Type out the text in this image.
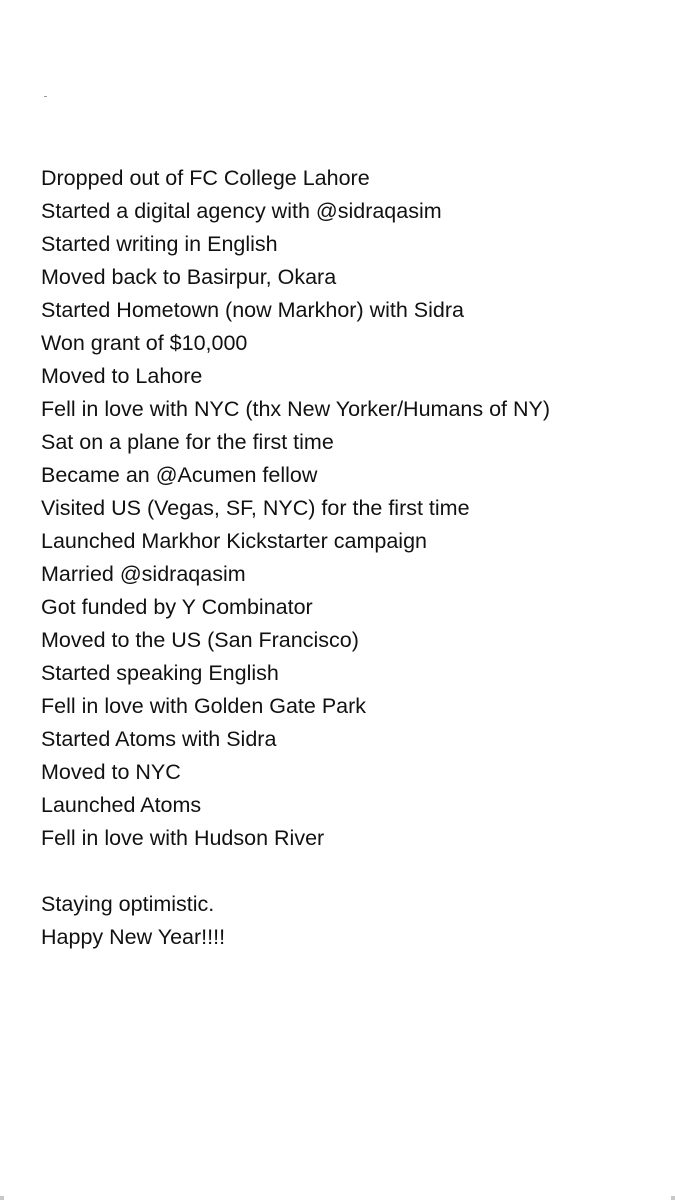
Dropped out of FC College Lahore
Started a digital agency with @sidraqasim
Started writing in English
Moved back to Basirpur, Okara
Started Hometown (now Markhor) with Sidra
Won grant of $10,000
Moved to Lahore
Fell in love with NYC (thx New Yorker/Humans of NY)
Sat on a plane for the first time
Became an @Acumen fellow
Visited US (Vegas, SF, NYC) for the first time
Launched Markhor Kickstarter campaign
Married @sidraqasim
Got funded by Y Combinator
Moved to the US (San Francisco)
Started speaking English
Fell in love with Golden Gate Park
Started Atoms with Sidra
Moved to NYC
Launched Atoms
Fell in love with Hudson River
Staying optimistic.
Happy New Year!!!!
